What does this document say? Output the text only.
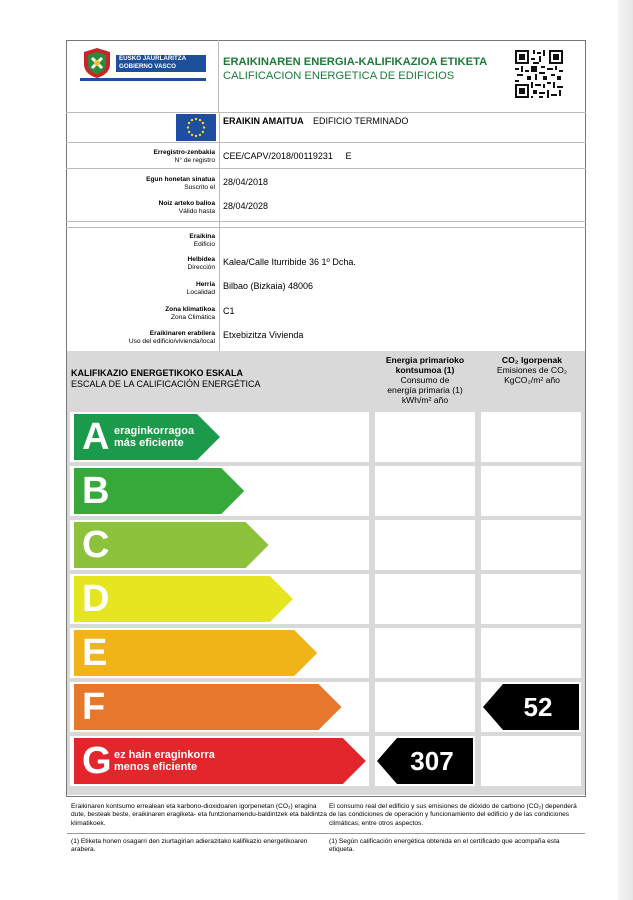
EUSKO JAURLARITZA
GOBIERNO VASCO	ERAIKINAREN ENERGIA-KALIFIKAZIOA ETIKETA
CALIFICACION ENERGETICA DE EDIFICIOS
ERAIKIN AMAITUA EDIFICIO TERMINADO
Erregistro-zenbakia
N° de registro CEE/CAPV/2018/00119231 E
Egun honetan sinatua
Suscrito el
28/04/2018
Noiz arteko balioa
Válido hasta
28/04/2028
Eraikina
Edificio
Helbidea
Dirección
Kalea/Calle Iturribide 36 1º Dcha.
Herria
Localidad
Bilbao (Bizkaia) 48006
Zona klimatikoa
Zona Climática
C1
Eraikinaren erabilera
Uso del edificio/vivienda/local
Etxebizitza Vivienda
KALIFIKAZIO ENERGETIKOKO ESKALA
ESCALA DE LA CALIFICACIÓN ENERGÉTICA
Energia primarioko
kontsumoa (1)
Consumo de
energía primaria (1)
kWh/m² año
CO₂ Igorpenak
Emisiones de CO₂
KgCO₂/m² año
A eraginkorragoa
más eficiente
B
C
D
E
F
G ez hain eraginkorra
menos eficiente	307
52
Eraikinaren kontsumo errealean eta karbono-dioxidoaren igorpenetan (CO₂) eragina dute, besteak beste, eraikinaren eragiketa- eta funtzionamendu-baldintzek eta baldintza klimatikoek.
El consumo real del edificio y sus emisiones de dióxido de carbono (CO₂) dependerá de las condiciones de operación y funcionamiento del edificio y de las condiciones climáticas, entre otros aspectos.
(1) Etiketa honen osagarri den ziurtagirian adierazitako kalifikazio energetikoaren arabera.
(1) Según calificación energética obtenida en el certificado que acompaña esta etiqueta.
